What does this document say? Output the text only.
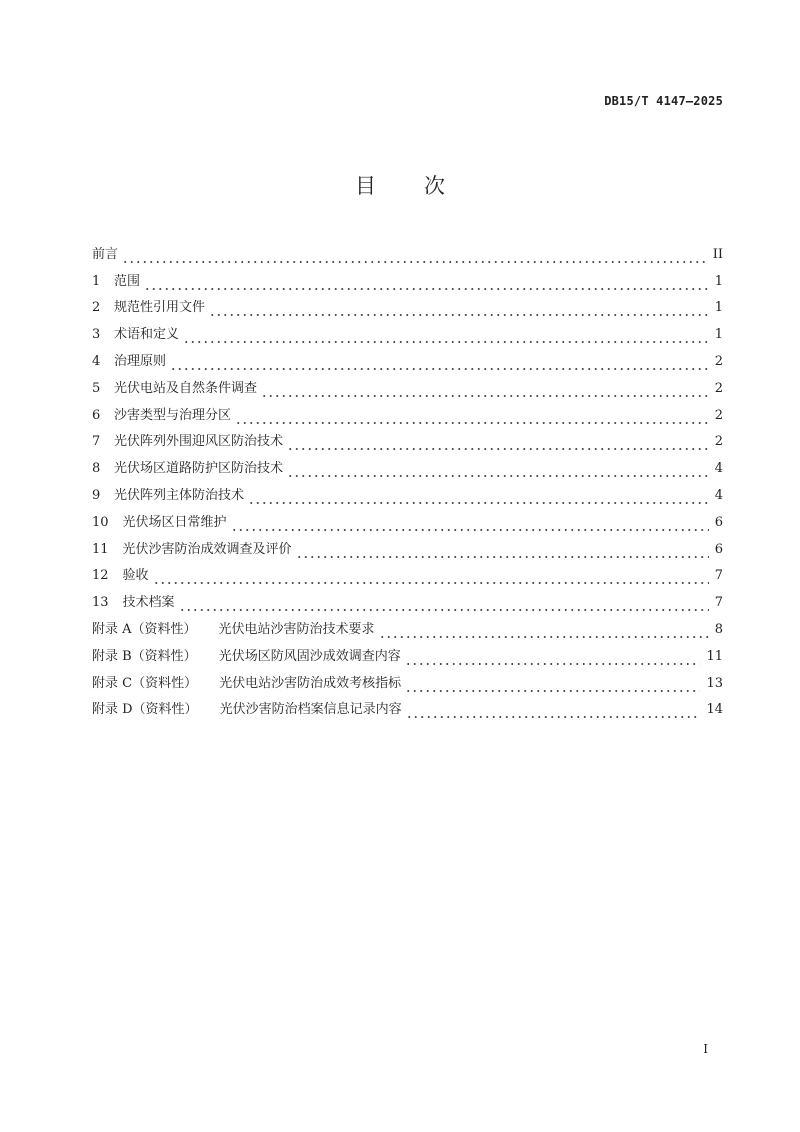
DB15/T 4147—2025
目 次
前言	II
1 范围	1
2 规范性引用文件	1
3 术语和定义	1
4 治理原则	2
5 光伏电站及自然条件调查	2
6 沙害类型与治理分区	2
7 光伏阵列外围迎风区防治技术	2
8 光伏场区道路防护区防治技术	4
9 光伏阵列主体防治技术	4
10 光伏场区日常维护	6
11 光伏沙害防治成效调查及评价	6
12 验收	7
13 技术档案	7
附录 A（资料性） 光伏电站沙害防治技术要求	8
附录 B（资料性） 光伏场区防风固沙成效调查内容	11
附录 C（资料性） 光伏电站沙害防治成效考核指标	13
附录 D（资料性） 光伏沙害防治档案信息记录内容	14
I
